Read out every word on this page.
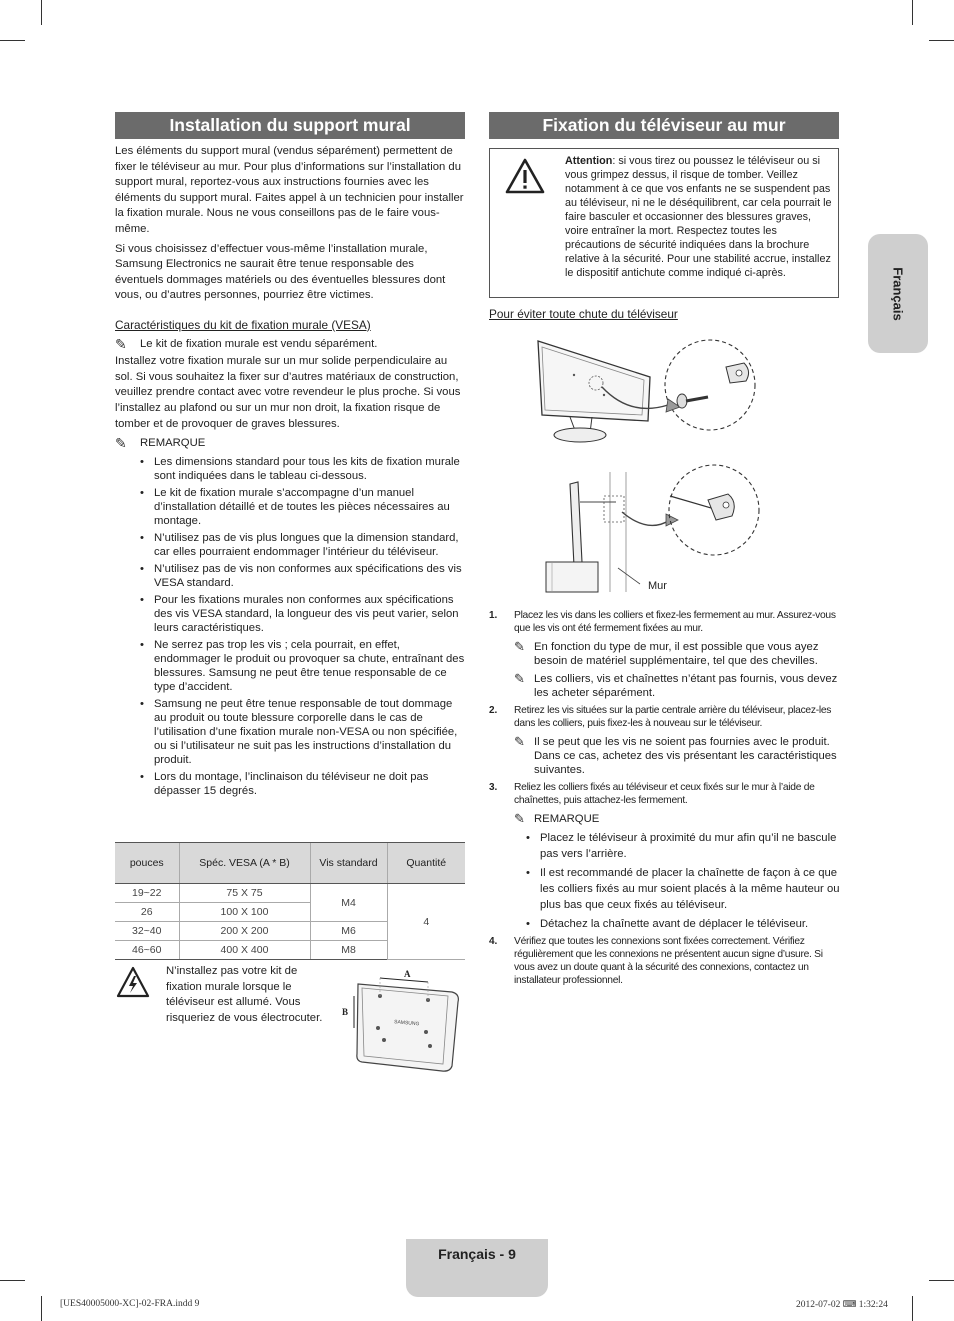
Installation du support mural

Les éléments du support mural (vendus séparément) permettent de fixer le téléviseur au mur. Pour plus d’informations sur l’installation du support mural, reportez-vous aux instructions fournies avec les éléments du support mural. Faites appel à un technicien pour installer la fixation murale. Nous ne vous conseillons pas de le faire vous-même.

Si vous choisissez d’effectuer vous-même l’installation murale, Samsung Electronics ne saurait être tenue responsable des éventuels dommages matériels ou des éventuelles blessures dont vous, ou d’autres personnes, pourriez être victimes.

Caractéristiques du kit de fixation murale (VESA)
✎	Le kit de fixation murale est vendu séparément.

Installez votre fixation murale sur un mur solide perpendiculaire au sol. Si vous souhaitez la fixer sur d’autres matériaux de construction, veuillez prendre contact avec votre revendeur le plus proche. Si vous l’installez au plafond ou sur un mur non droit, la fixation risque de tomber et de provoquer de graves blessures.

✎	REMARQUE
• Les dimensions standard pour tous les kits de fixation murale sont indiquées dans le tableau ci-dessous.
• Le kit de fixation murale s’accompagne d’un manuel d’installation détaillé et de toutes les pièces nécessaires au montage.
• N’utilisez pas de vis plus longues que la dimension standard, car elles pourraient endommager l’intérieur du téléviseur.
• N’utilisez pas de vis non conformes aux spécifications des vis VESA standard.
• Pour les fixations murales non conformes aux spécifications des vis VESA standard, la longueur des vis peut varier, selon leurs caractéristiques.
• Ne serrez pas trop les vis ; cela pourrait, en effet, endommager le produit ou provoquer sa chute, entraînant des blessures. Samsung ne peut être tenue responsable de ce type d’accident.
• Samsung ne peut être tenue responsable de tout dommage au produit ou toute blessure corporelle dans le cas de l’utilisation d’une fixation murale non-VESA ou non spécifiée, ou si l’utilisateur ne suit pas les instructions d’installation du produit.
• Lors du montage, l’inclinaison du téléviseur ne doit pas dépasser 15 degrés.
pouces	Spéc. VESA (A * B)	Vis standard	Quantité
19~22	75 X 75	M4	4
26	100 X 100		
32~40	200 X 200	M6	
46~60	400 X 400	M8	
N’installez pas votre kit de fixation murale lorsque le téléviseur est allumé. Vous risqueriez de vous électrocuter.
A
B
SAMSUNG
Fixation du téléviseur au mur
Attention: si vous tirez ou poussez le téléviseur ou si vous grimpez dessus, il risque de tomber. Veillez notamment à ce que vos enfants ne se suspendent pas au téléviseur, ni ne le déséquilibrent, car cela pourrait le faire basculer et occasionner des blessures graves, voire entraîner la mort. Respectez toutes les précautions de sécurité indiquées dans la brochure relative à la sécurité. Pour une stabilité accrue, installez le dispositif antichute comme indiqué ci-après.
Pour éviter toute chute du téléviseur
Mur
1.	Placez les vis dans les colliers et fixez-les fermement au mur. Assurez-vous que les vis ont été fermement fixées au mur.
✎ En fonction du type de mur, il est possible que vous ayez besoin de matériel supplémentaire, tel que des chevilles.
✎ Les colliers, vis et chaînettes n’étant pas fournis, vous devez les acheter séparément.
2.	Retirez les vis situées sur la partie centrale arrière du téléviseur, placez-les dans les colliers, puis fixez-les à nouveau sur le téléviseur.
✎ Il se peut que les vis ne soient pas fournies avec le produit. Dans ce cas, achetez des vis présentant les caractéristiques suivantes.
3.	Reliez les colliers fixés au téléviseur et ceux fixés sur le mur à l’aide de chaînettes, puis attachez-les fermement.
✎ REMARQUE
• Placez le téléviseur à proximité du mur afin qu’il ne bascule pas vers l’arrière.
• Il est recommandé de placer la chaînette de façon à ce que les colliers fixés au mur soient placés à la même hauteur ou plus bas que ceux fixés au téléviseur.
• Détachez la chaînette avant de déplacer le téléviseur.
4.	Vérifiez que toutes les connexions sont fixées correctement. Vérifiez régulièrement que les connexions ne présentent aucun signe d’usure. Si vous avez un doute quant à la sécurité des connexions, contactez un installateur professionnel.
Français
Français - 9
[UES40005000-XC]-02-FRA.indd 9	2012-07-02 ⌨ 1:32:24
